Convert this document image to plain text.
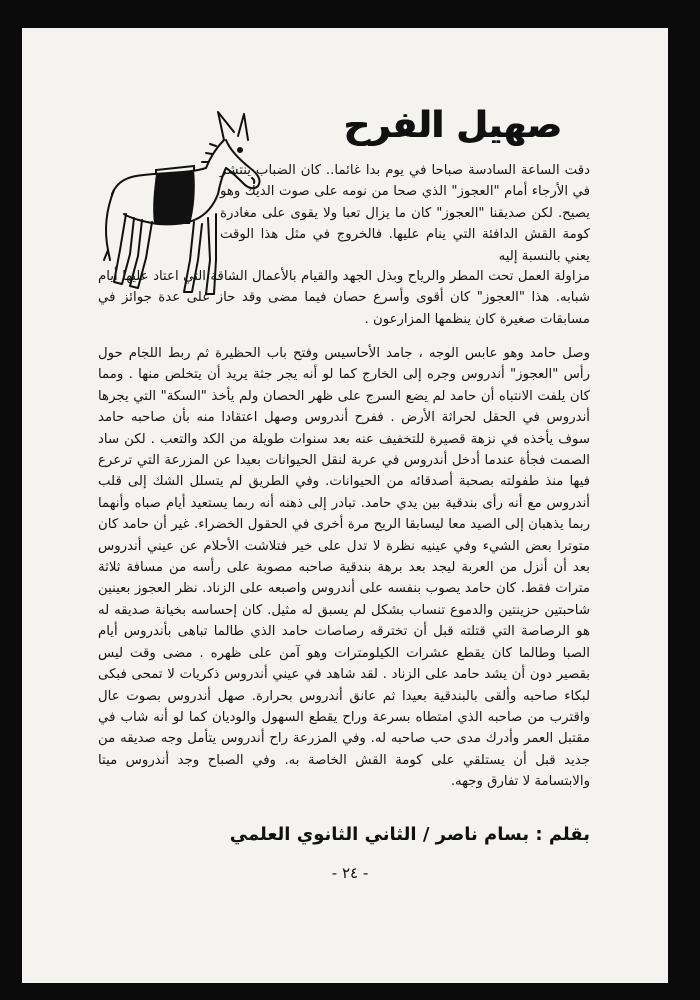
صهيل الفرح

دقت الساعة السادسة صباحا في يوم بدا غائما.. كان الضباب ينتشر في الأرجاء أمام "العجوز" الذي صحا من نومه على صوت الديك وهو يصيح. لكن صديقنا "العجوز" كان ما يزال تعبا ولا يقوى على مغادرة كومة القش الدافئة التي ينام عليها. فالخروج في مثل هذا الوقت يعني بالنسبة إليه

مزاولة العمل تحت المطر والرياح وبذل الجهد والقيام بالأعمال الشاقة التي اعتاد عليها أيام شبابه. هذا "العجوز" كان أقوى وأسرع حصان فيما مضى وقد حاز على عدة جوائز في مسابقات صغيرة كان ينظمها المزارعون .

وصل حامد وهو عابس الوجه ، جامد الأحاسيس وفتح باب الحظيرة ثم ربط اللجام حول رأس "العجوز" أندروس وجره إلى الخارج كما لو أنه يجر جثة يريد أن يتخلص منها . ومما كان يلفت الانتباه أن حامد لم يضع السرج على ظهر الحصان ولم يأخذ "السكة" التي يجرها أندروس في الحقل لحراثة الأرض . ففرح أندروس وصهل اعتقادا منه بأن صاحبه حامد سوف يأخذه في نزهة قصيرة للتخفيف عنه بعد سنوات طويلة من الكد والتعب . لكن ساد الصمت فجأة عندما أدخل أندروس في عربة لنقل الحيوانات بعيدا عن المزرعة التي ترعرع فيها منذ طفولته بصحبة أصدقائه من الحيوانات. وفي الطريق لم يتسلل الشك إلى قلب أندروس مع أنه رأى بندقية بين يدي حامد. تبادر إلى ذهنه أنه ربما يستعيد أيام صباه وأنهما ربما يذهبان إلى الصيد معا ليسابقا الريح مرة أخرى في الحقول الخضراء. غير أن حامد كان متوترا بعض الشيء وفي عينيه نظرة لا تدل على خير فتلاشت الأحلام عن عيني أندروس بعد أن أنزل من العربة ليجد بعد برهة بندقية صاحبه مصوبة على رأسه من مسافة ثلاثة مترات فقط. كان حامد يصوب بنفسه على أندروس واصبعه على الزناد. نظر العجوز بعينين شاحبتين حزينتين والدموع تنساب بشكل لم يسبق له مثيل. كان إحساسه بخيانة صديقه له هو الرصاصة التي قتلته قبل أن تخترقه رصاصات حامد الذي طالما تباهى بأندروس أيام الصبا وطالما كان يقطع عشرات الكيلومترات وهو آمن على ظهره . مضى وقت ليس بقصير دون أن يشد حامد على الزناد . لقد شاهد في عيني أندروس ذكريات لا تمحى فبكى لبكاء صاحبه وألقى بالبندقية بعيدا ثم عانق أندروس بحرارة. صهل أندروس بصوت عال واقترب من صاحبه الذي امتطاه بسرعة وراح يقطع السهول والوديان كما لو أنه شاب في مقتبل العمر وأدرك مدى حب صاحبه له. وفي المزرعة راح أندروس يتأمل وجه صديقه من جديد قبل أن يستلقي على كومة القش الخاصة به. وفي الصباح وجد أندروس ميتا والابتسامة لا تفارق وجهه.

بقلم : بسام ناصر / الثاني الثانوي العلمي
- ٢٤ -
